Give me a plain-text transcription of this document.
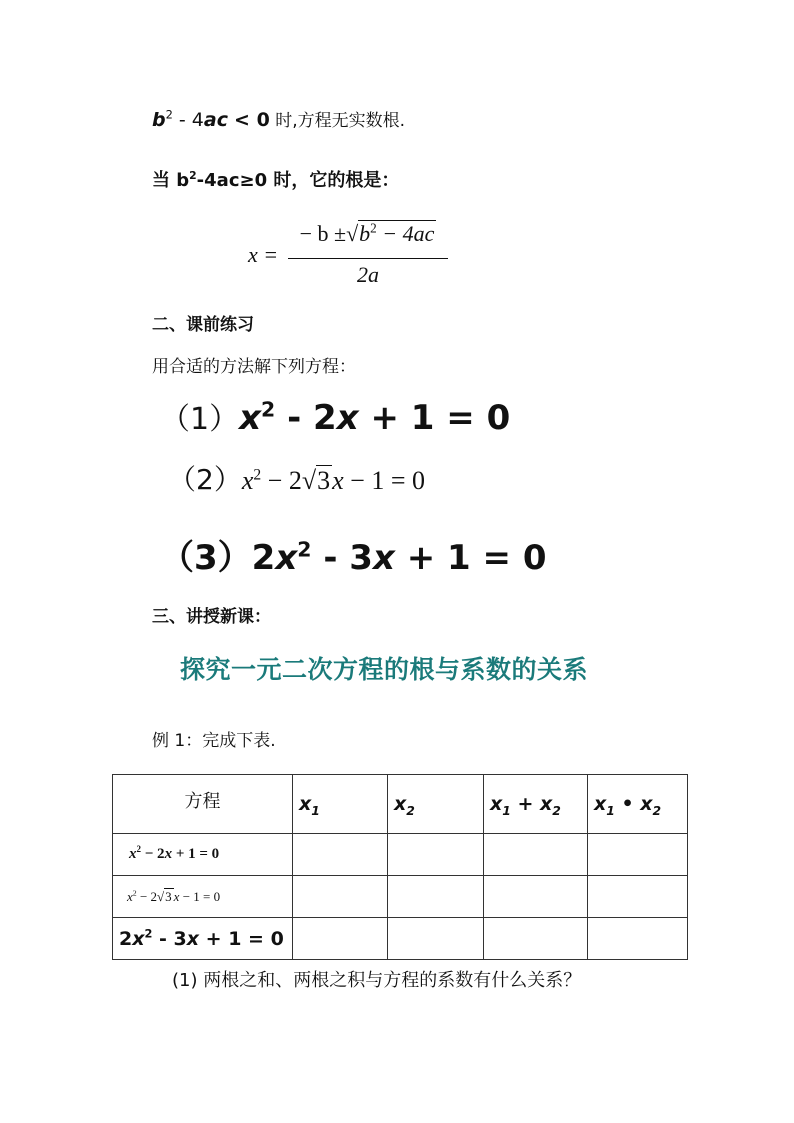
$b^2 - 4ac < 0$ 时,方程无实数根.
当 $b^2-4ac\ge 0$ 时，它的根是：
x =
− $b \pm√b^2 - 4ac$
2a
二、课前练习
用合适的方法解下列方程：
$(1)x^2 - 2x + 1 = 0$
$(2)x^2 - 2√3x - 1 = 0$
$(3)2x^2 - 3x + 1 = 0$
三、讲授新课：
探究一元二次方程的根与系数的关系
例 1：完成下表.
方程	$x_1$	$x_2$	$x_1 + x_2$	$x_1$ • $x_2$
$x^2 - 2x + 1 = 0$				
$x^2 - 2√3$ x − 1 = 0				
$2x^2 - 3x + 1 = 0$				
(1) 两根之和、两根之积与方程的系数有什么关系？
